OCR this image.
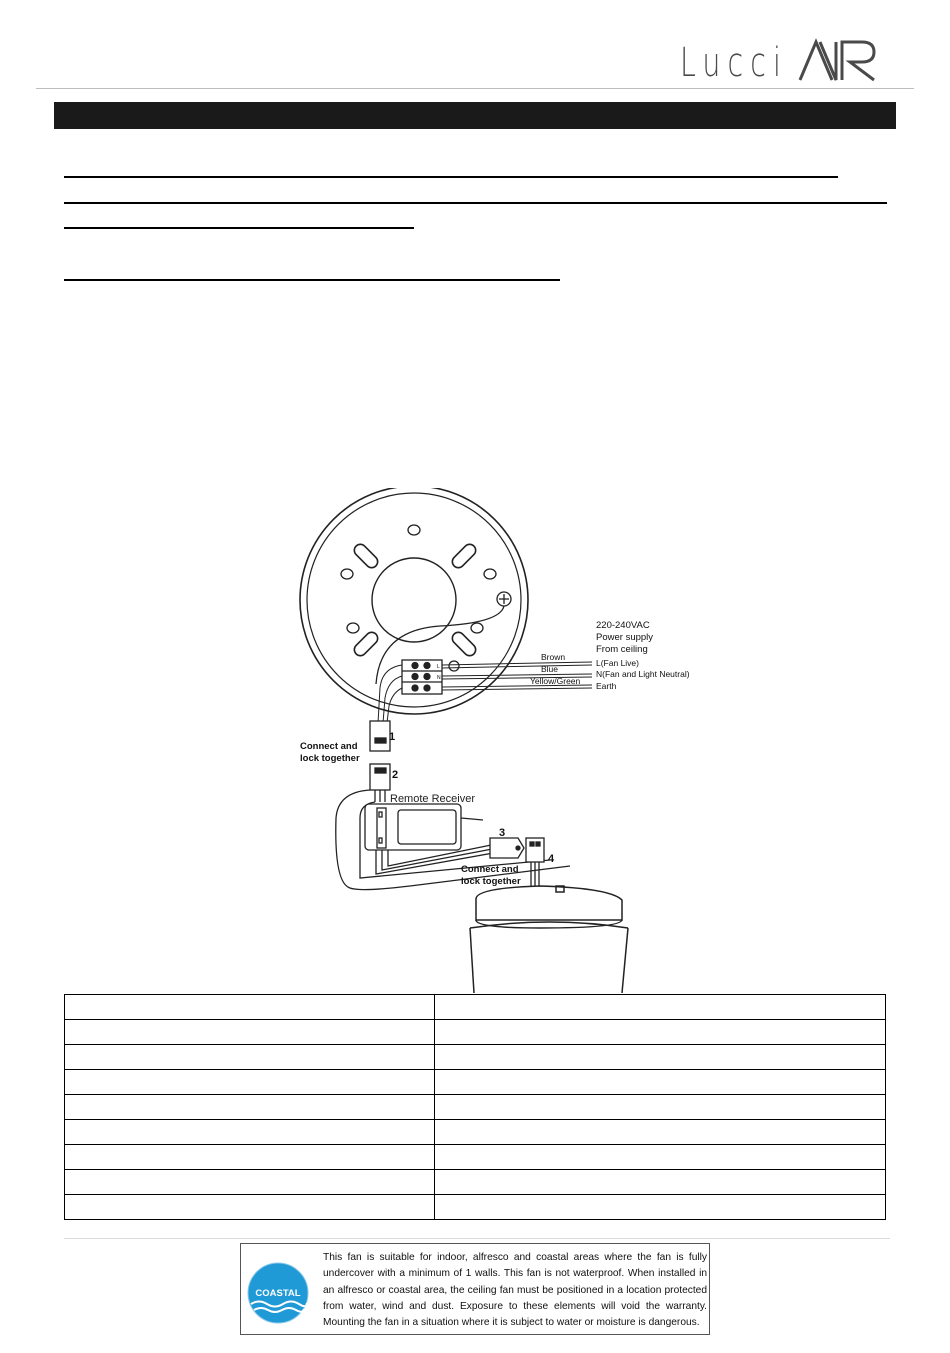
Lucci
L
N
220-240VAC
Power supply
From ceiling
Brown
Blue
Yellow/Green
L(Fan Live)
N(Fan and Light Neutral)
Earth
Connect and
lock together
Connect and
lock together
Remote Receiver
1
2
3
4

COASTAL
This fan is suitable for indoor, alfresco and coastal areas where the fan is fully undercover with a minimum of 1 walls. This fan is not waterproof. When installed in an alfresco or coastal area, the ceiling fan must be positioned in a location protected from water, wind and dust. Exposure to these elements will void the warranty. Mounting the fan in a situation where it is subject to water or moisture is dangerous.
